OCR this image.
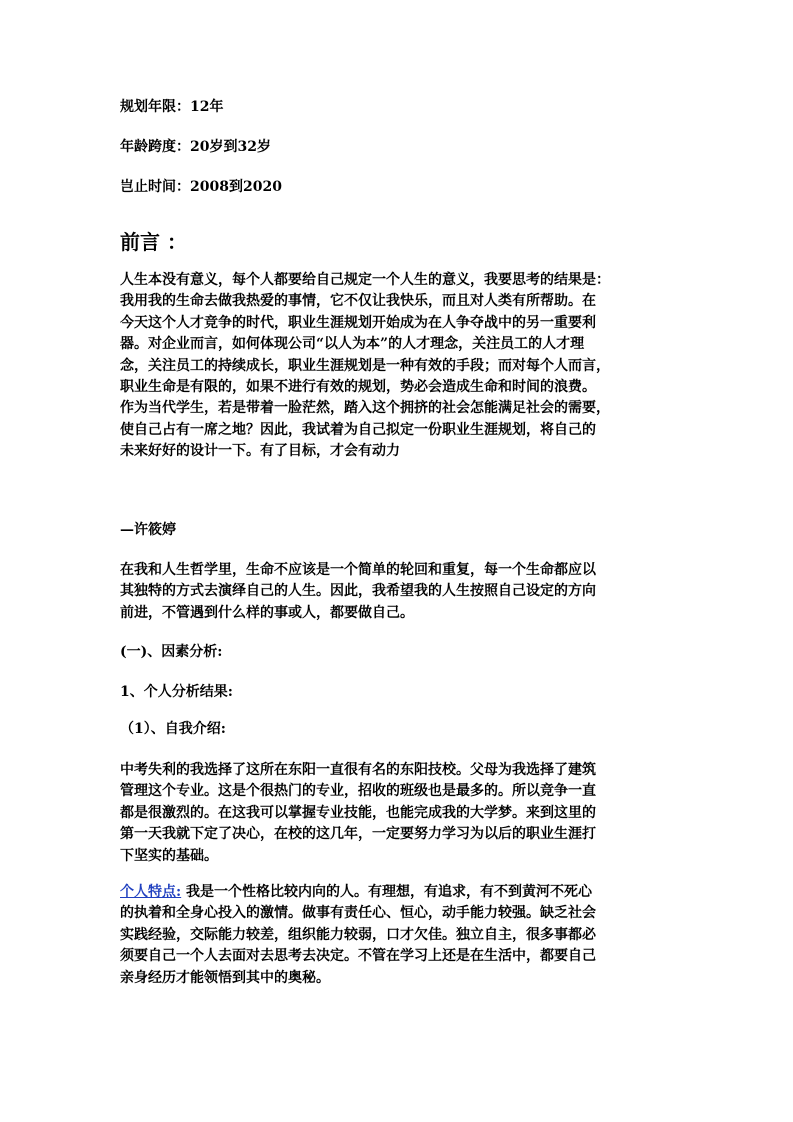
规划年限：12年
年龄跨度：20岁到32岁
岂止时间：2008到2020
前言 ：
人生本没有意义，每个人都要给自己规定一个人生的意义，我要思考的结果是：
我用我的生命去做我热爱的事情，它不仅让我快乐，而且对人类有所帮助。在
今天这个人才竞争的时代，职业生涯规划开始成为在人争夺战中的另一重要利
器。对企业而言，如何体现公司“以人为本”的人才理念，关注员工的人才理
念，关注员工的持续成长，职业生涯规划是一种有效的手段；而对每个人而言，
职业生命是有限的，如果不进行有效的规划，势必会造成生命和时间的浪费。
作为当代学生，若是带着一脸茫然，踏入这个拥挤的社会怎能满足社会的需要，
使自己占有一席之地？因此，我试着为自己拟定一份职业生涯规划，将自己的
未来好好的设计一下。有了目标，才会有动力
—许筱婷
在我和人生哲学里，生命不应该是一个简单的轮回和重复，每一个生命都应以
其独特的方式去演绎自己的人生。因此，我希望我的人生按照自己设定的方向
前进，不管遇到什么样的事或人，都要做自己。
(一)、因素分析:
1、个人分析结果:
（1）、自我介绍:
中考失利的我选择了这所在东阳一直很有名的东阳技校。父母为我选择了建筑
管理这个专业。这是个很热门的专业，招收的班级也是最多的。所以竞争一直
都是很激烈的。在这我可以掌握专业技能，也能完成我的大学梦。来到这里的
第一天我就下定了决心，在校的这几年，一定要努力学习为以后的职业生涯打
下坚实的基础。
个人特点: 我是一个性格比较内向的人。有理想，有追求，有不到黄河不死心
的执着和全身心投入的激情。做事有责任心、恒心，动手能力较强。缺乏社会
实践经验，交际能力较差，组织能力较弱，口才欠佳。独立自主，很多事都必
须要自己一个人去面对去思考去决定。不管在学习上还是在生活中，都要自己
亲身经历才能领悟到其中的奥秘。
